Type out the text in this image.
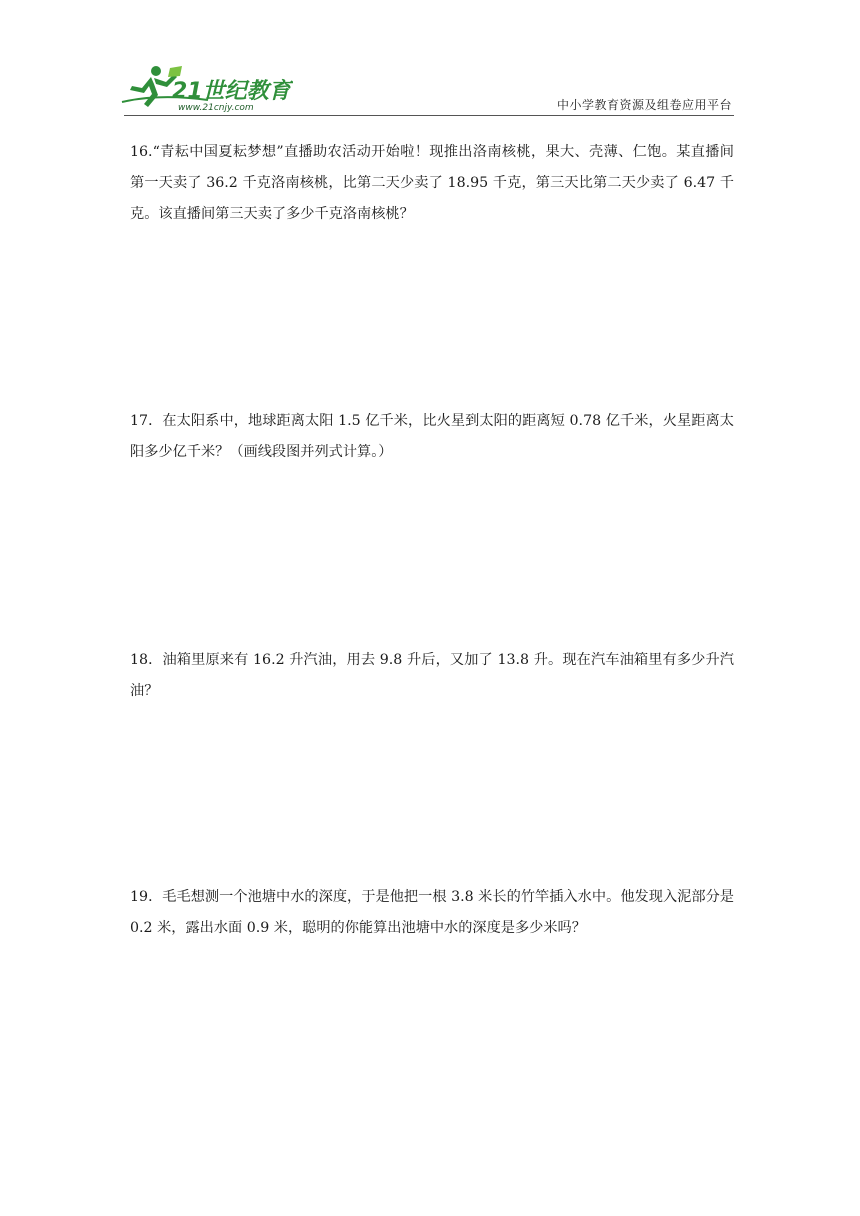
21世纪教育
www.21cnjy.com	中小学教育资源及组卷应用平台

16.“青耘中国夏耘梦想”直播助农活动开始啦！现推出洛南核桃，果大、壳薄、仁饱。某直播间第一天卖了 36.2 千克洛南核桃，比第二天少卖了 18.95 千克，第三天比第二天少卖了 6.47 千克。该直播间第三天卖了多少千克洛南核桃？

17．在太阳系中，地球距离太阳 1.5 亿千米，比火星到太阳的距离短 0.78 亿千米，火星距离太阳多少亿千米？（画线段图并列式计算。）

18．油箱里原来有 16.2 升汽油，用去 9.8 升后，又加了 13.8 升。现在汽车油箱里有多少升汽油？

19．毛毛想测一个池塘中水的深度，于是他把一根 3.8 米长的竹竿插入水中。他发现入泥部分是 0.2 米，露出水面 0.9 米，聪明的你能算出池塘中水的深度是多少米吗？
